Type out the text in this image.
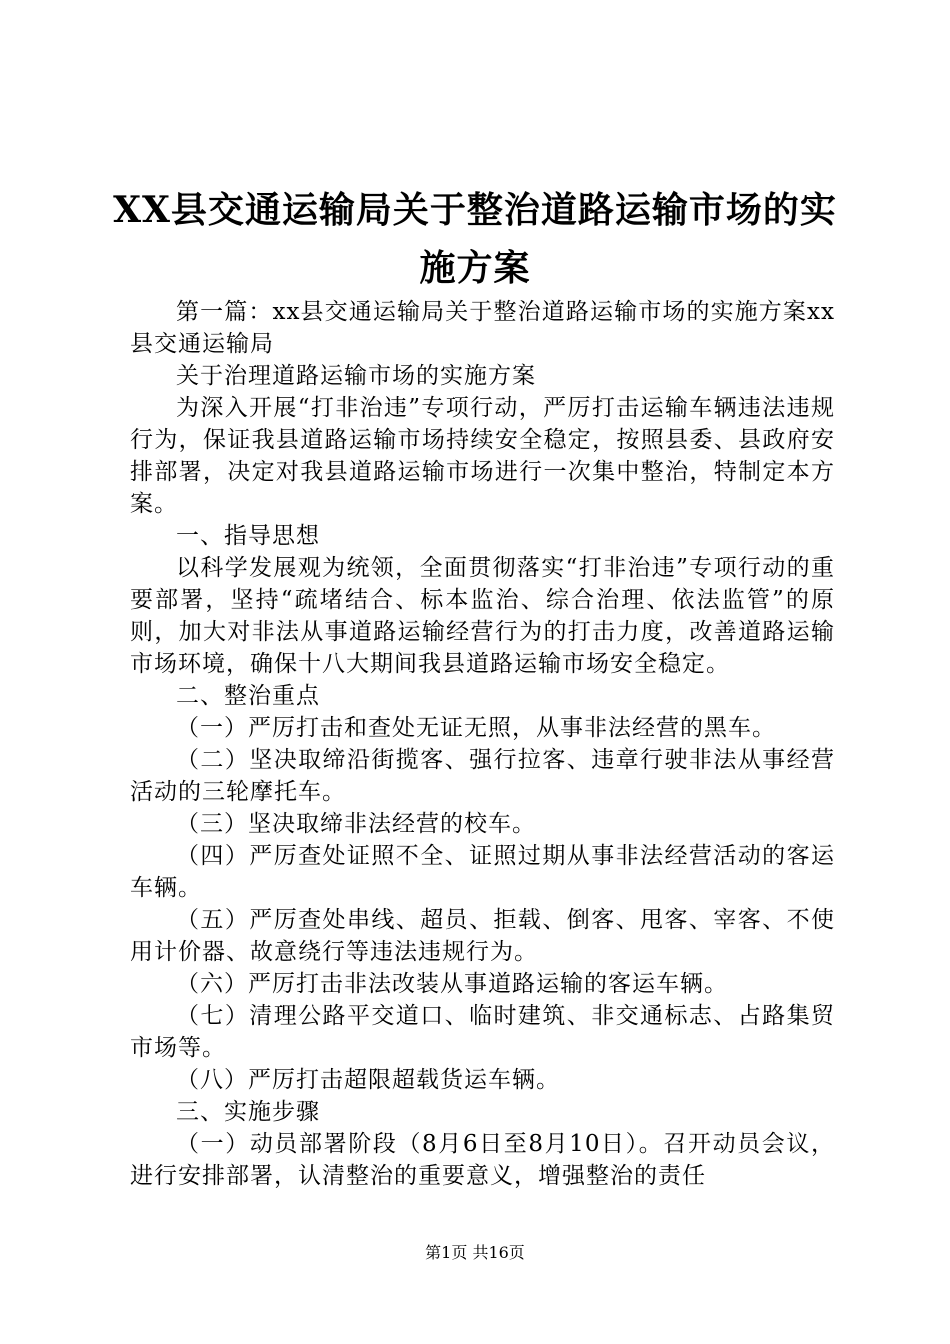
XX县交通运输局关于整治道路运输市场的实
施方案

第一篇：xx县交通运输局关于整治道路运输市场的实施方案xx县交通运输局

关于治理道路运输市场的实施方案

为深入开展“打非治违”专项行动，严厉打击运输车辆违法违规行为，保证我县道路运输市场持续安全稳定，按照县委、县政府安排部署，决定对我县道路运输市场进行一次集中整治，特制定本方案。

一、指导思想

以科学发展观为统领，全面贯彻落实“打非治违”专项行动的重要部署，坚持“疏堵结合、标本监治、综合治理、依法监管”的原则，加大对非法从事道路运输经营行为的打击力度，改善道路运输市场环境，确保十八大期间我县道路运输市场安全稳定。

二、整治重点

（一）严厉打击和查处无证无照，从事非法经营的黑车。

（二）坚决取缔沿街揽客、强行拉客、违章行驶非法从事经营活动的三轮摩托车。

（三）坚决取缔非法经营的校车。

（四）严厉查处证照不全、证照过期从事非法经营活动的客运车辆。

（五）严厉查处串线、超员、拒载、倒客、甩客、宰客、不使用计价器、故意绕行等违法违规行为。

（六）严厉打击非法改装从事道路运输的客运车辆。

（七）清理公路平交道口、临时建筑、非交通标志、占路集贸市场等。

（八）严厉打击超限超载货运车辆。

三、实施步骤

（一）动员部署阶段（8月6日至8月10日）。召开动员会议，进行安排部署，认清整治的重要意义，增强整治的责任

第1页 共16页
